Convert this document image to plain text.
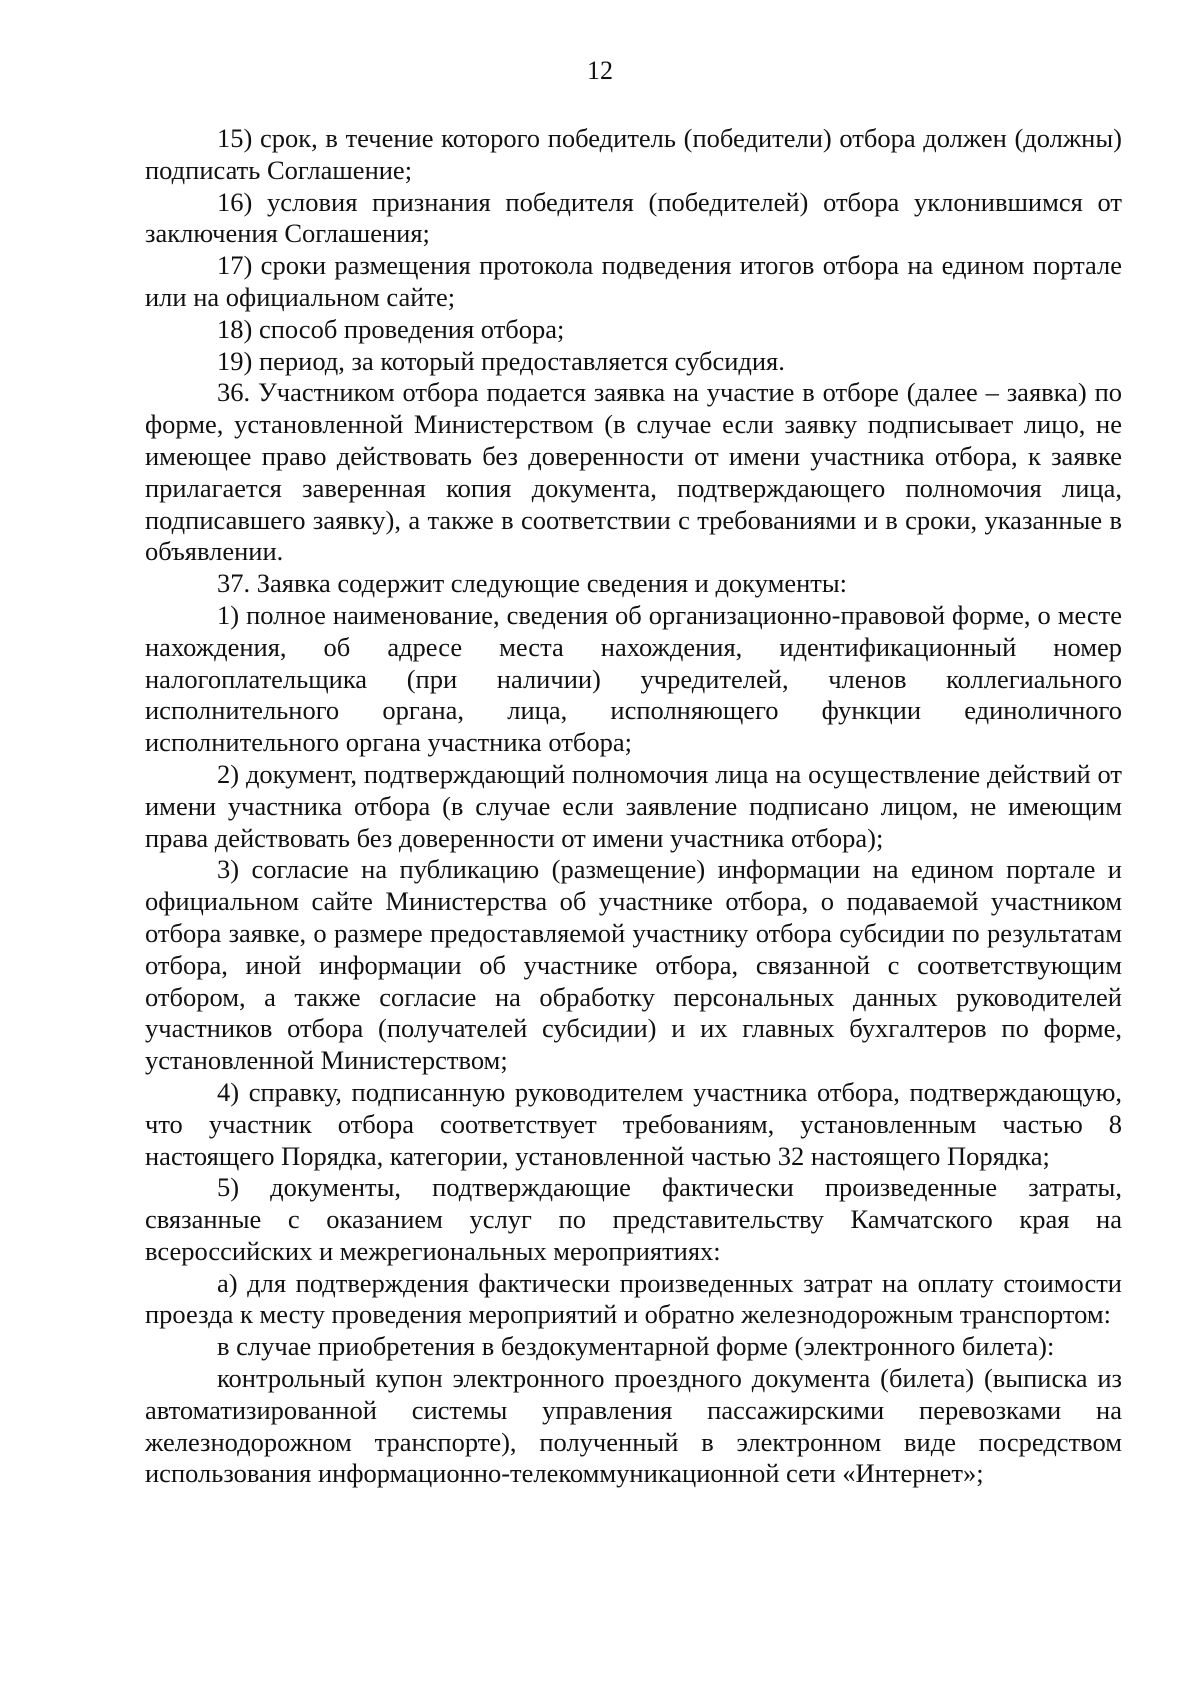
12

15) срок, в течение которого победитель (победители) отбора должен (должны) подписать Соглашение;

16) условия признания победителя (победителей) отбора уклонившимся от заключения Соглашения;

17) сроки размещения протокола подведения итогов отбора на едином портале или на официальном сайте;

18) способ проведения отбора;

19) период, за который предоставляется субсидия.

36. Участником отбора подается заявка на участие в отборе (далее – заявка) по форме, установленной Министерством (в случае если заявку подписывает лицо, не имеющее право действовать без доверенности от имени участника отбора, к заявке прилагается заверенная копия документа, подтверждающего полномочия лица, подписавшего заявку), а также в соответствии с требованиями и в сроки, указанные в объявлении.

37. Заявка содержит следующие сведения и документы:

1) полное наименование, сведения об организационно-правовой форме, о месте нахождения, об адресе места нахождения, идентификационный номер налогоплательщика (при наличии) учредителей, членов коллегиального исполнительного органа, лица, исполняющего функции единоличного исполнительного органа участника отбора;

2) документ, подтверждающий полномочия лица на осуществление действий от имени участника отбора (в случае если заявление подписано лицом, не имеющим права действовать без доверенности от имени участника отбора);

3) согласие на публикацию (размещение) информации на едином портале и официальном сайте Министерства об участнике отбора, о подаваемой участником отбора заявке, о размере предоставляемой участнику отбора субсидии по результатам отбора, иной информации об участнике отбора, связанной с соответствующим отбором, а также согласие на обработку персональных данных руководителей участников отбора (получателей субсидии) и их главных бухгалтеров по форме, установленной Министерством;

4) справку, подписанную руководителем участника отбора, подтверждающую, что участник отбора соответствует требованиям, установленным частью 8 настоящего Порядка, категории, установленной частью 32 настоящего Порядка;

5) документы, подтверждающие фактически произведенные затраты, связанные с оказанием услуг по представительству Камчатского края на всероссийских и межрегиональных мероприятиях:

а) для подтверждения фактически произведенных затрат на оплату стоимости проезда к месту проведения мероприятий и обратно железнодорожным транспортом:

в случае приобретения в бездокументарной форме (электронного билета):

контрольный купон электронного проездного документа (билета) (выписка из автоматизированной системы управления пассажирскими перевозками на железнодорожном транспорте), полученный в электронном виде посредством использования информационно-телекоммуникационной сети «Интернет»;
